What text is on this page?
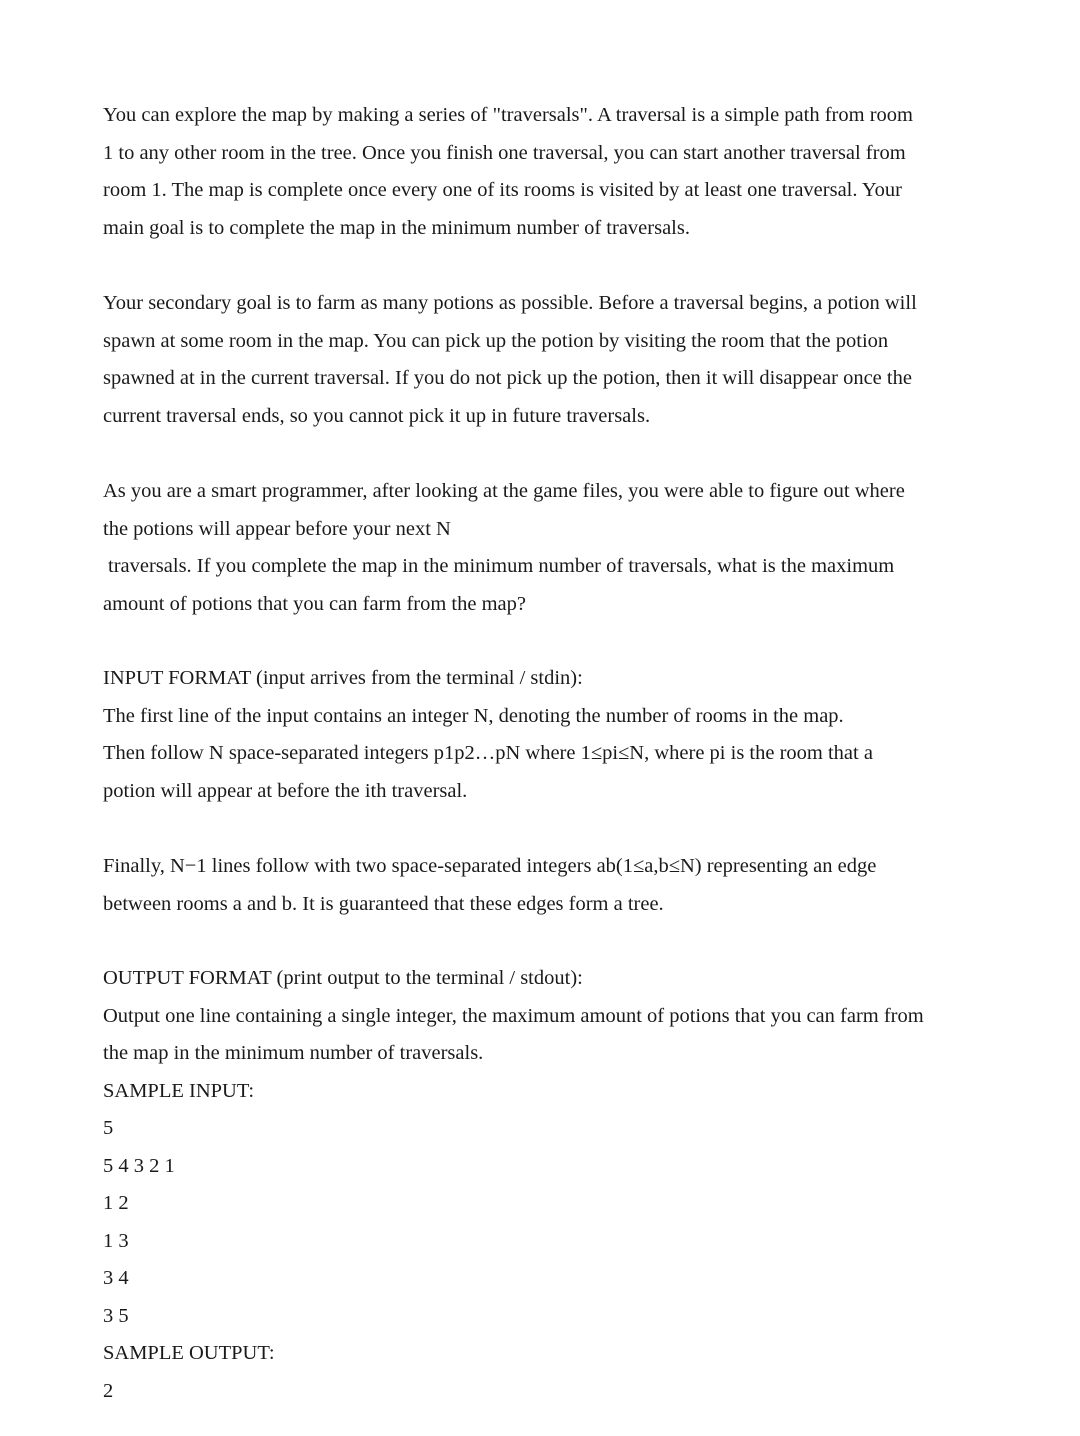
You can explore the map by making a series of "traversals". A traversal is a simple path from room
1 to any other room in the tree. Once you finish one traversal, you can start another traversal from
room 1. The map is complete once every one of its rooms is visited by at least one traversal. Your
main goal is to complete the map in the minimum number of traversals.

Your secondary goal is to farm as many potions as possible. Before a traversal begins, a potion will
spawn at some room in the map. You can pick up the potion by visiting the room that the potion
spawned at in the current traversal. If you do not pick up the potion, then it will disappear once the
current traversal ends, so you cannot pick it up in future traversals.

As you are a smart programmer, after looking at the game files, you were able to figure out where
the potions will appear before your next N
traversals. If you complete the map in the minimum number of traversals, what is the maximum
amount of potions that you can farm from the map?

INPUT FORMAT (input arrives from the terminal / stdin):
The first line of the input contains an integer N, denoting the number of rooms in the map.
Then follow N space-separated integers p1p2…pN where 1≤pi≤N, where pi is the room that a
potion will appear at before the ith traversal.

Finally, N−1 lines follow with two space-separated integers ab(1≤a,b≤N) representing an edge
between rooms a and b. It is guaranteed that these edges form a tree.

OUTPUT FORMAT (print output to the terminal / stdout):
Output one line containing a single integer, the maximum amount of potions that you can farm from
the map in the minimum number of traversals.
SAMPLE INPUT:
5
5 4 3 2 1
1 2
1 3
3 4
3 5
SAMPLE OUTPUT:
2
